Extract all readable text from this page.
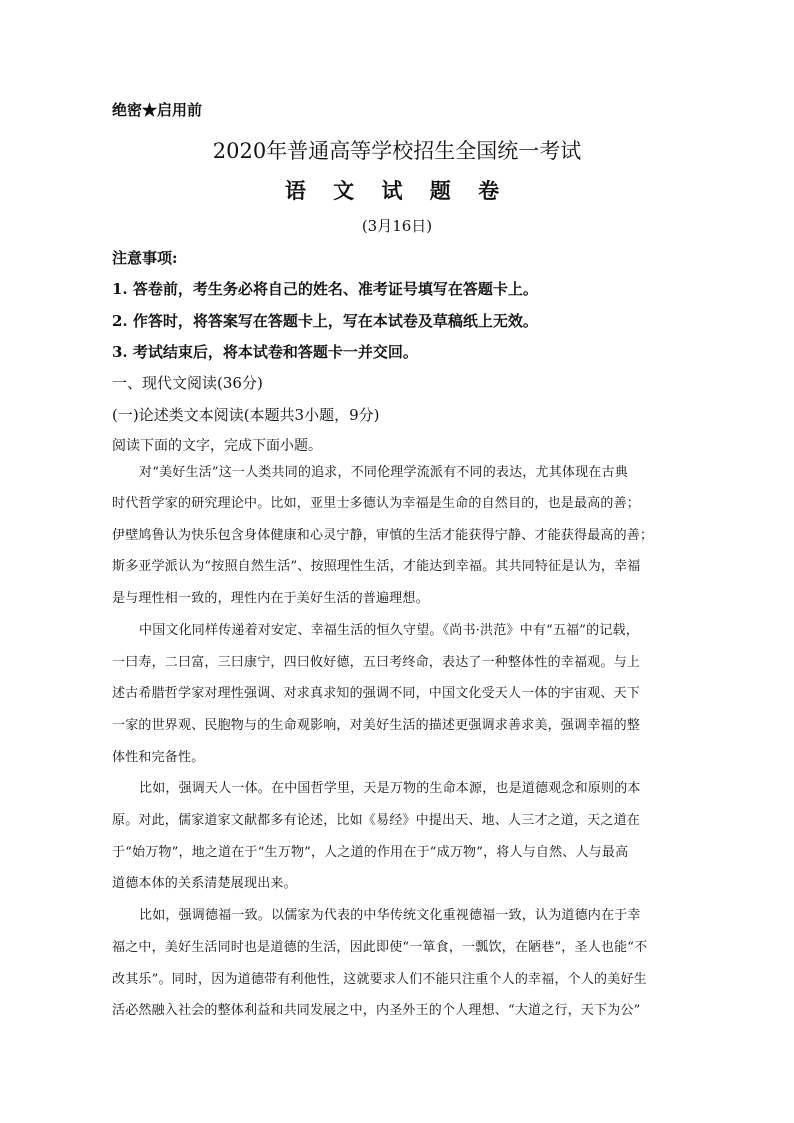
绝密★启用前
2020年普通高等学校招生全国统一考试
语 文 试 题 卷
(3月16日)
注意事项:
1. 答卷前，考生务必将自己的姓名、准考证号填写在答题卡上。
2. 作答时，将答案写在答题卡上，写在本试卷及草稿纸上无效。
3. 考试结束后，将本试卷和答题卡一并交回。
一、现代文阅读(36分)
(一)论述类文本阅读(本题共3小题，9分)
阅读下面的文字，完成下面小题。
对“美好生活”这一人类共同的追求，不同伦理学流派有不同的表达，尤其体现在古典
时代哲学家的研究理论中。比如，亚里士多德认为幸福是生命的自然目的，也是最高的善；
伊壁鸠鲁认为快乐包含身体健康和心灵宁静，审慎的生活才能获得宁静、才能获得最高的善；
斯多亚学派认为“按照自然生活”、按照理性生活，才能达到幸福。其共同特征是认为，幸福
是与理性相一致的，理性内在于美好生活的普遍理想。
中国文化同样传递着对安定、幸福生活的恒久守望。《尚书·洪范》中有“五福”的记载，
一曰寿，二曰富，三曰康宁，四曰攸好德，五曰考终命，表达了一种整体性的幸福观。与上
述古希腊哲学家对理性强调、对求真求知的强调不同，中国文化受天人一体的宇宙观、天下
一家的世界观、民胞物与的生命观影响，对美好生活的描述更强调求善求美，强调幸福的整
体性和完备性。
比如，强调天人一体。在中国哲学里，天是万物的生命本源，也是道德观念和原则的本
原。对此，儒家道家文献都多有论述，比如《易经》中提出天、地、人三才之道，天之道在
于“始万物”，地之道在于“生万物”，人之道的作用在于“成万物”，将人与自然、人与最高
道德本体的关系清楚展现出来。
比如，强调德福一致。以儒家为代表的中华传统文化重视德福一致，认为道德内在于幸
福之中，美好生活同时也是道德的生活，因此即使“一箪食，一瓢饮，在陋巷”，圣人也能“不
改其乐”。同时，因为道德带有利他性，这就要求人们不能只注重个人的幸福，个人的美好生
活必然融入社会的整体利益和共同发展之中，内圣外王的个人理想、“大道之行，天下为公”
